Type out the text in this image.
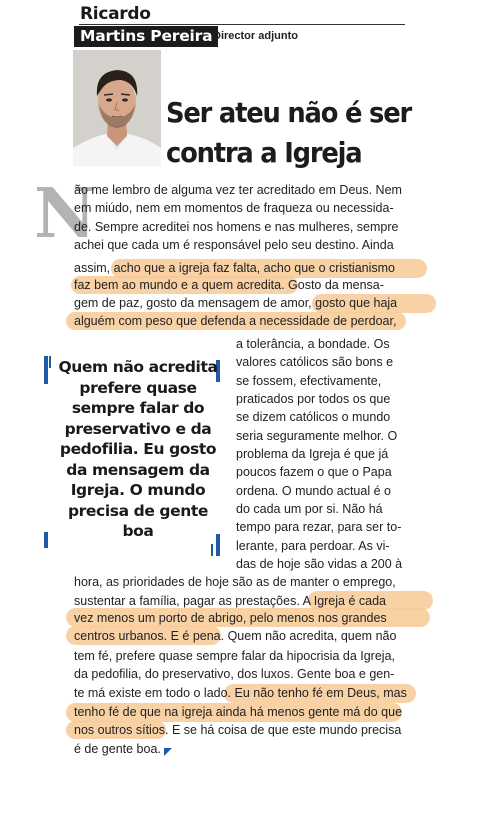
Ricardo
Martins Pereira Director adjunto
Ser ateu não é ser contra a Igreja
N
ão me lembro de alguma vez ter acreditado em Deus. Nem
em miúdo, nem em momentos de fraqueza ou necessida-
de. Sempre acreditei nos homens e nas mulheres, sempre
achei que cada um é responsável pelo seu destino. Ainda
assim, acho que a igreja faz falta, acho que o cristianismo
faz bem ao mundo e a quem acredita. Gosto da mensa-
gem de paz, gosto da mensagem de amor, gosto que haja
alguém com peso que defenda a necessidade de perdoar,
a tolerância, a bondade. Os
valores católicos são bons e
se fossem, efectivamente,
praticados por todos os que
se dizem católicos o mundo
seria seguramente melhor. O
problema da Igreja é que já
poucos fazem o que o Papa
ordena. O mundo actual é o
do cada um por si. Não há
tempo para rezar, para ser to-
lerante, para perdoar. As vi-
das de hoje são vidas a 200 à
hora, as prioridades de hoje são as de manter o emprego,
sustentar a família, pagar as prestações. A Igreja é cada
vez menos um porto de abrigo, pelo menos nos grandes
centros urbanos. E é pena. Quem não acredita, quem não
tem fé, prefere quase sempre falar da hipocrisia da Igreja,
da pedofilia, do preservativo, dos luxos. Gente boa e gen-
te má existe em todo o lado. Eu não tenho fé em Deus, mas
tenho fé de que na igreja ainda há menos gente má do que
nos outros sítios. E se há coisa de que este mundo precisa
é de gente boa.
Quem não acredita
prefere quase
sempre falar do
preservativo e da
pedofilia. Eu gosto
da mensagem da
Igreja. O mundo
precisa de gente
boa
